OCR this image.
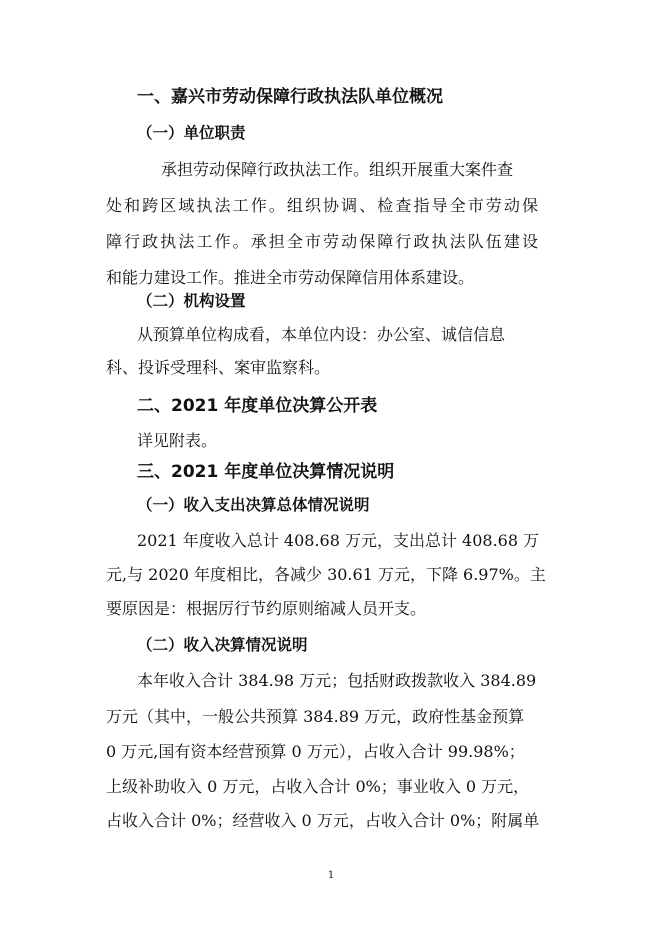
一、嘉兴市劳动保障行政执法队单位概况
（一）单位职责
承担劳动保障行政执法工作。组织开展重大案件查
处和跨区域执法工作。组织协调、检查指导全市劳动保
障行政执法工作。承担全市劳动保障行政执法队伍建设
和能力建设工作。推进全市劳动保障信用体系建设。
（二）机构设置
从预算单位构成看，本单位内设：办公室、诚信信息
科、投诉受理科、案审监察科。
二、2021 年度单位决算公开表
详见附表。
三、2021 年度单位决算情况说明
（一）收入支出决算总体情况说明
2021 年度收入总计 408.68 万元，支出总计 408.68 万
元,与 2020 年度相比，各减少 30.61 万元，下降 6.97%。主
要原因是：根据厉行节约原则缩减人员开支。
（二）收入决算情况说明
本年收入合计 384.98 万元；包括财政拨款收入 384.89
万元（其中，一般公共预算 384.89 万元，政府性基金预算
0 万元,国有资本经营预算 0 万元），占收入合计 99.98%；
上级补助收入 0 万元，占收入合计 0%；事业收入 0 万元，
占收入合计 0%；经营收入 0 万元，占收入合计 0%；附属单
1
